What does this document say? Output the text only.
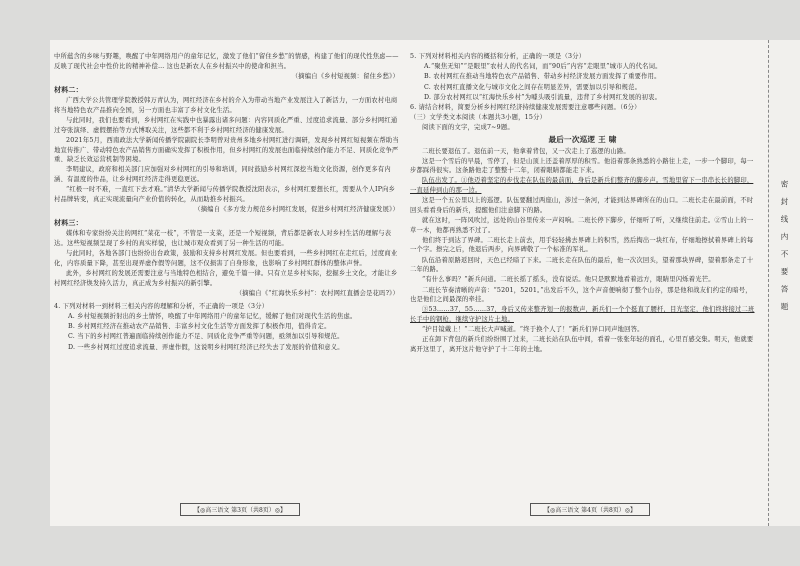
中所蕴含的乡味与野趣，唤醒了中年网络用户的童年记忆，激发了他们“留住乡愁”的情感，构建了他们的现代性焦虑——反映了现代社会中性价比的精神补偿… 这也是新农人在乡村振兴中的使命和担当。

（摘编自《乡村短视频：留住乡愁》）

材料二：

广西大学公共管理学院教授韩万青认为，网红经济在乡村的介入为带动当地产业发展注入了新活力，一方面农村电商将当地特色农产品推向全国，另一方面也丰富了乡村文化生活。

与此同时，我们也要看到，乡村网红在实践中也暴露出诸多问题：内容同质化严重、过度追求流量、部分乡村网红通过夸张演绎、虚假摆拍等方式博取关注，这些都不利于乡村网红经济的健康发展。

2021年5月，西南政法大学新闻传播学院副院长李明曾对贵州多地乡村网红进行调研，发现乡村网红短视频在帮助当地宣传推广、带动特色农产品销售方面确实发挥了积极作用，但乡村网红的发展也面临持续创作能力不足、同质化竞争严重、缺乏长效运营机制等困境。

李明建议，政府和相关部门应加强对乡村网红的引导和培训，同时鼓励乡村网红深挖当地文化资源，创作更多有内涵、有温度的作品，让乡村网红经济走得更稳更远。

“红极一时不难，一直红下去才难。”清华大学新闻与传播学院教授沈阳表示，乡村网红要想长红，需要从个人IP向乡村品牌转变，真正实现流量向产业价值的转化，从而助推乡村振兴。

（摘编自《多方发力规范乡村网红发展，促进乡村网红经济健康发展》）

材料三：

媒体和专家纷纷关注的网红“菜花一枝”，不管是一支菜，还是一个短视频，背后都是新农人对乡村生活的理解与表达。这些短视频呈现了乡村的真实样貌，也让城市观众看到了另一种生活的可能。

与此同时，各地各部门也纷纷出台政策，鼓励和支持乡村网红发展。但也要看到，一些乡村网红在走红后，过度商业化，内容质量下降，甚至出现弄虚作假等问题，这不仅损害了自身形象，也影响了乡村网红群体的整体声誉。

此外，乡村网红的发展还需要注意与当地特色相结合，避免千篇一律。只有立足乡村实际，挖掘乡土文化，才能让乡村网红经济焕发持久活力，真正成为乡村振兴的新引擎。

（摘编自《“红海快乐乡村”：农村网红直播会是花吗?》）

4. 下列对材料一到材料三相关内容的理解和分析，不正确的一项是（3分）

A. 乡村短视频折射出的乡土情怀，唤醒了中年网络用户的童年记忆，缓解了他们对现代生活的焦虑。

B. 乡村网红经济在推动农产品销售、丰富乡村文化生活等方面发挥了积极作用，值得肯定。

C. 当下的乡村网红普遍面临持续创作能力不足、同质化竞争严重等问题，亟须加以引导和规范。

D. 一些乡村网红过度追求流量、弄虚作假，这说明乡村网红经济已经失去了发展的价值和意义。

5. 下列对材料相关内容的概括和分析，正确的一项是（3分）

A.“聚焦无知”“是眼里”农村人的代名词，而“90后”内容“走眼里”城市人的代名词。

B. 农村网红在推动当地特色农产品销售、带动乡村经济发展方面发挥了重要作用。

C. 农村网红直播文化与城市文化之间存在明显差异，需要加以引导和规范。

D. 部分农村网红以“红海快乐乡村”为噱头吸引流量，违背了乡村网红发展的初衷。

6. 请结合材料，简要分析乡村网红经济持续健康发展需要注意哪些问题。（6分）

（三）文学类文本阅读（本题共3小题，15分）

阅读下面的文字，完成7~9题。

最后一次巡逻 王 啸

二班长要退伍了。退伍前一天，他拿着背包，又一次走上了巡逻的山路。

这是一个雪后的早晨，雪停了，但是山顶上还盖着厚厚的积雪。他沿着那条熟悉的小路往上走，一步一个脚印，每一步都踩得很实。这条路他走了整整十二年，闭着眼睛都能走下来。

队伍出发了。①他迈着坚定的步伐走在队伍的最前面，身后是新兵们整齐的脚步声。雪地里留下一串串长长的脚印，一直延伸到山的那一边。

这是一个五公里以上的巡逻。队伍要翻过两座山，涉过一条河，才能到达界碑所在的山口。二班长走在最前面，不时回头看看身后的新兵，提醒他们注意脚下的路。

就在这时，一阵风吹过，远处的山谷里传来一声闷响。二班长停下脚步，仔细听了听，又继续往前走。②雪山上的一草一木，他都再熟悉不过了。

他们终于到达了界碑。二班长走上前去，用手轻轻拂去界碑上的积雪，然后掏出一块红布，仔细地擦拭着界碑上的每一个字。擦完之后，他退后两步，向界碑敬了一个标准的军礼。

队伍沿着原路返回时，天色已经暗了下来。二班长走在队伍的最后，他一次次回头，望着那块界碑，望着那条走了十二年的路。

“有什么事吗？”新兵问道。二班长摇了摇头，没有说话。他只是默默地看着远方，眼睛里闪烁着光芒。

二班长节奏清晰的声音：“5201，5201。”出发后不久，这个声音便响彻了整个山谷，那是他和战友们约定的暗号，也是他们之间最深的牵挂。

③53……37，55……37，身后又传来整齐划一的报数声，新兵们一个个挺直了腰杆，目光坚定，他们终将接过二班长手中的钢枪，继续守护这片土地。

“护目镜戴上！”二班长大声喊道。“终于换个人了！”新兵们异口同声地回答。

正在卸下背包的新兵们纷纷围了过来，二班长站在队伍中间，看着一张张年轻的面孔，心里百感交集。明天，他就要离开这里了，离开这片他守护了十二年的土地。

【◎高三语文 第3页（共8页）◎】	【◎高三语文 第4页（共8页）◎】
密封线内不要答题
